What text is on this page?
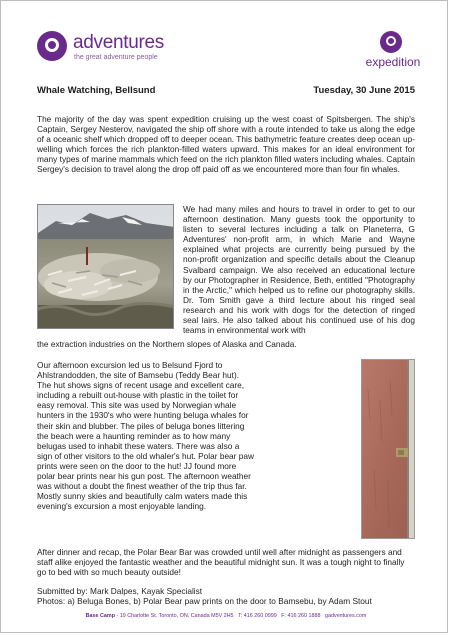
adventures
the great adventure people	expedition
Whale Watching, Bellsund	Tuesday, 30 June 2015

The majority of the day was spent expedition cruising up the west coast of Spitsbergen. The ship's Captain, Sergey Nesterov, navigated the ship off shore with a route intended to take us along the edge of a oceanic shelf which dropped off to deeper ocean. This bathymetric feature creates deep ocean up-welling which forces the rich plankton-filled waters upward. This makes for an ideal environment for many types of marine mammals which feed on the rich plankton filled waters including whales. Captain Sergey's decision to travel along the drop off paid off as we encountered more than four fin whales.

We had many miles and hours to travel in order to get to our afternoon destination. Many guests took the opportunity to listen to several lectures including a talk on Planeterra, G Adventures' non-profit arm, in which Marie and Wayne explained what projects are currently being pursued by the non-profit organization and specific details about the Cleanup Svalbard campaign. We also received an educational lecture by our Photographer in Residence, Beth, entitled "Photography in the Arctic," which helped us to refine our photography skills. Dr. Tom Smith gave a third lecture about his ringed seal research and his work with dogs for the detection of ringed seal lairs. He also talked about his continued use of his dog teams in environmental work with

the extraction industries on the Northern slopes of Alaska and Canada.

Our afternoon excursion led us to Belsund Fjord to Ahlstrandodden, the site of Bamsebu (Teddy Bear hut). The hut shows signs of recent usage and excellent care, including a rebuilt out-house with plastic in the toilet for easy removal. This site was used by Norwegian whale hunters in the 1930's who were hunting beluga whales for their skin and blubber. The piles of beluga bones littering the beach were a haunting reminder as to how many belugas used to inhabit these waters. There was also a sign of other visitors to the old whaler's hut. Polar bear paw prints were seen on the door to the hut! JJ found more polar bear prints near his gun post. The afternoon weather was without a doubt the finest weather of the trip thus far. Mostly sunny skies and beautifully calm waters made this evening's excursion a most enjoyable landing.

After dinner and recap, the Polar Bear Bar was crowded until well after midnight as passengers and staff alike enjoyed the fantastic weather and the beautiful midnight sun. It was a tough night to finally go to bed with so much beauty outside!

Submitted by: Mark Dalpes, Kayak Specialist
Photos: a) Beluga Bones, b) Polar Bear paw prints on the door to Bamsebu, by Adam Stout
Base Camp - 19 Charlotte St. Toronto, ON, Canada M5V 2H5 T: 416 260 0999 F: 416 260 1888 gadventures.com
